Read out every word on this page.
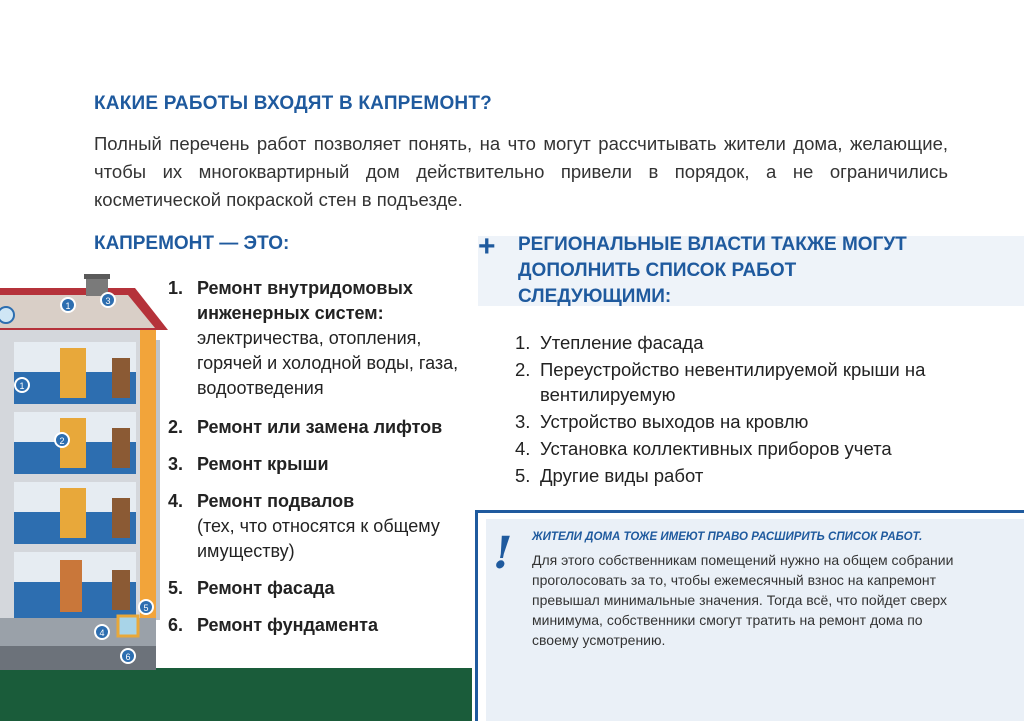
КАКИЕ РАБОТЫ ВХОДЯТ В КАПРЕМОНТ?

Полный перечень работ позволяет понять, на что могут рассчитывать жители дома, желающие, чтобы их многоквартирный дом действительно привели в порядок, а не ограничились косметической покраской стен в подъезде.

КАПРЕМОНТ — ЭТО:
1. Ремонт внутридомовых инженерных систем:
электричества, отопления, горячей и холодной воды, газа, водоотведения
2. Ремонт или замена лифтов
3. Ремонт крыши
4. Ремонт подвалов
(тех, что относятся к общему имуществу)
5. Ремонт фасада
6. Ремонт фундамента
+ РЕГИОНАЛЬНЫЕ ВЛАСТИ ТАКЖЕ МОГУТ ДОПОЛНИТЬ СПИСОК РАБОТ СЛЕДУЮЩИМИ:
1. Утепление фасада
2. Переустройство невентилируемой крыши на вентилируемую
3. Устройство выходов на кровлю
4. Установка коллективных приборов учета
5. Другие виды работ
! ЖИТЕЛИ ДОМА ТОЖЕ ИМЕЮТ ПРАВО РАСШИРИТЬ СПИСОК РАБОТ.
Для этого собственникам помещений нужно на общем собрании проголосовать за то, чтобы ежемесячный взнос на капремонт превышал минимальные значения. Тогда всё, что пойдет сверх минимума, собственники смогут тратить на ремонт дома по своему усмотрению.
1
1
2
3
4
5
6
